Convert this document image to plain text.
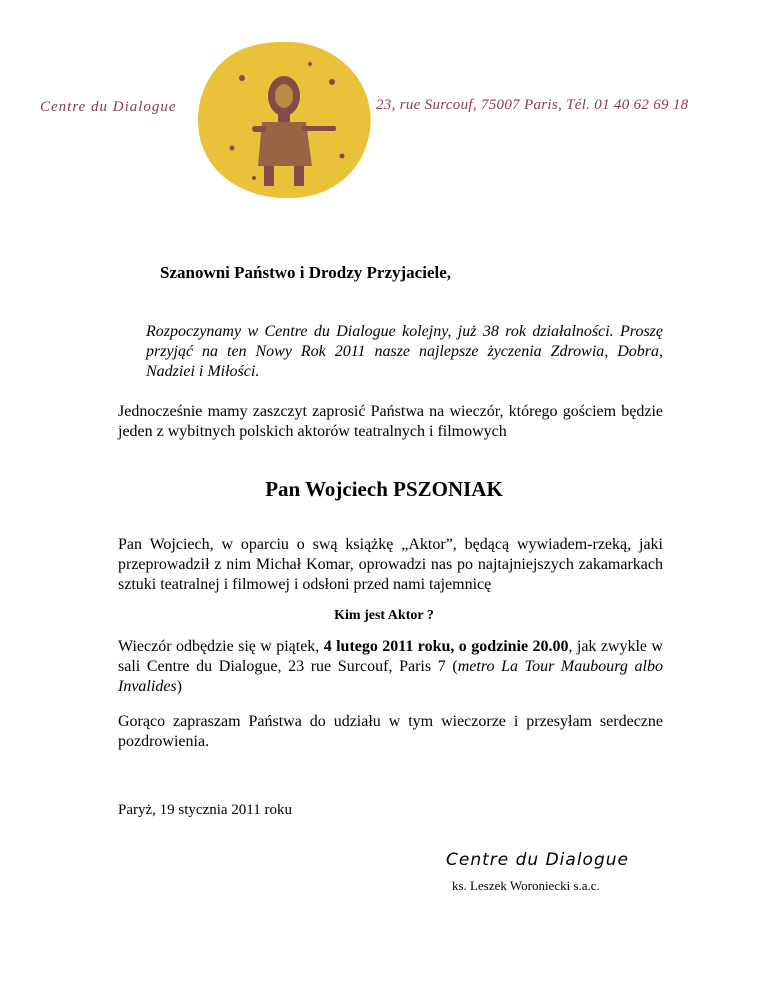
Centre du Dialogue	23, rue Surcouf, 75007 Paris, Tél. 01 40 62 69 18
Szanowni Państwo i Drodzy Przyjaciele,
Rozpoczynamy w Centre du Dialogue kolejny, już 38 rok działalności. Proszę przyjąć na ten Nowy Rok 2011 nasze najlepsze życzenia Zdrowia, Dobra, Nadziei i Miłości.
Jednocześnie mamy zaszczyt zaprosić Państwa na wieczór, którego gościem będzie jeden z wybitnych polskich aktorów teatralnych i filmowych
Pan Wojciech PSZONIAK
Pan Wojciech, w oparciu o swą książkę „Aktor”, będącą wywiadem-rzeką, jaki przeprowadził z nim Michał Komar, oprowadzi nas po najtajniejszych zakamarkach sztuki teatralnej i filmowej i odsłoni przed nami tajemnicę
Kim jest Aktor ?
Wieczór odbędzie się w piątek, 4 lutego 2011 roku, o godzinie 20.00, jak zwykle w sali Centre du Dialogue, 23 rue Surcouf, Paris 7 (metro La Tour Maubourg albo Invalides)
Gorąco zapraszam Państwa do udziału w tym wieczorze i przesyłam serdeczne pozdrowienia.
Paryż, 19 stycznia 2011 roku
Centre du Dialogue
ks. Leszek Woroniecki s.a.c.
